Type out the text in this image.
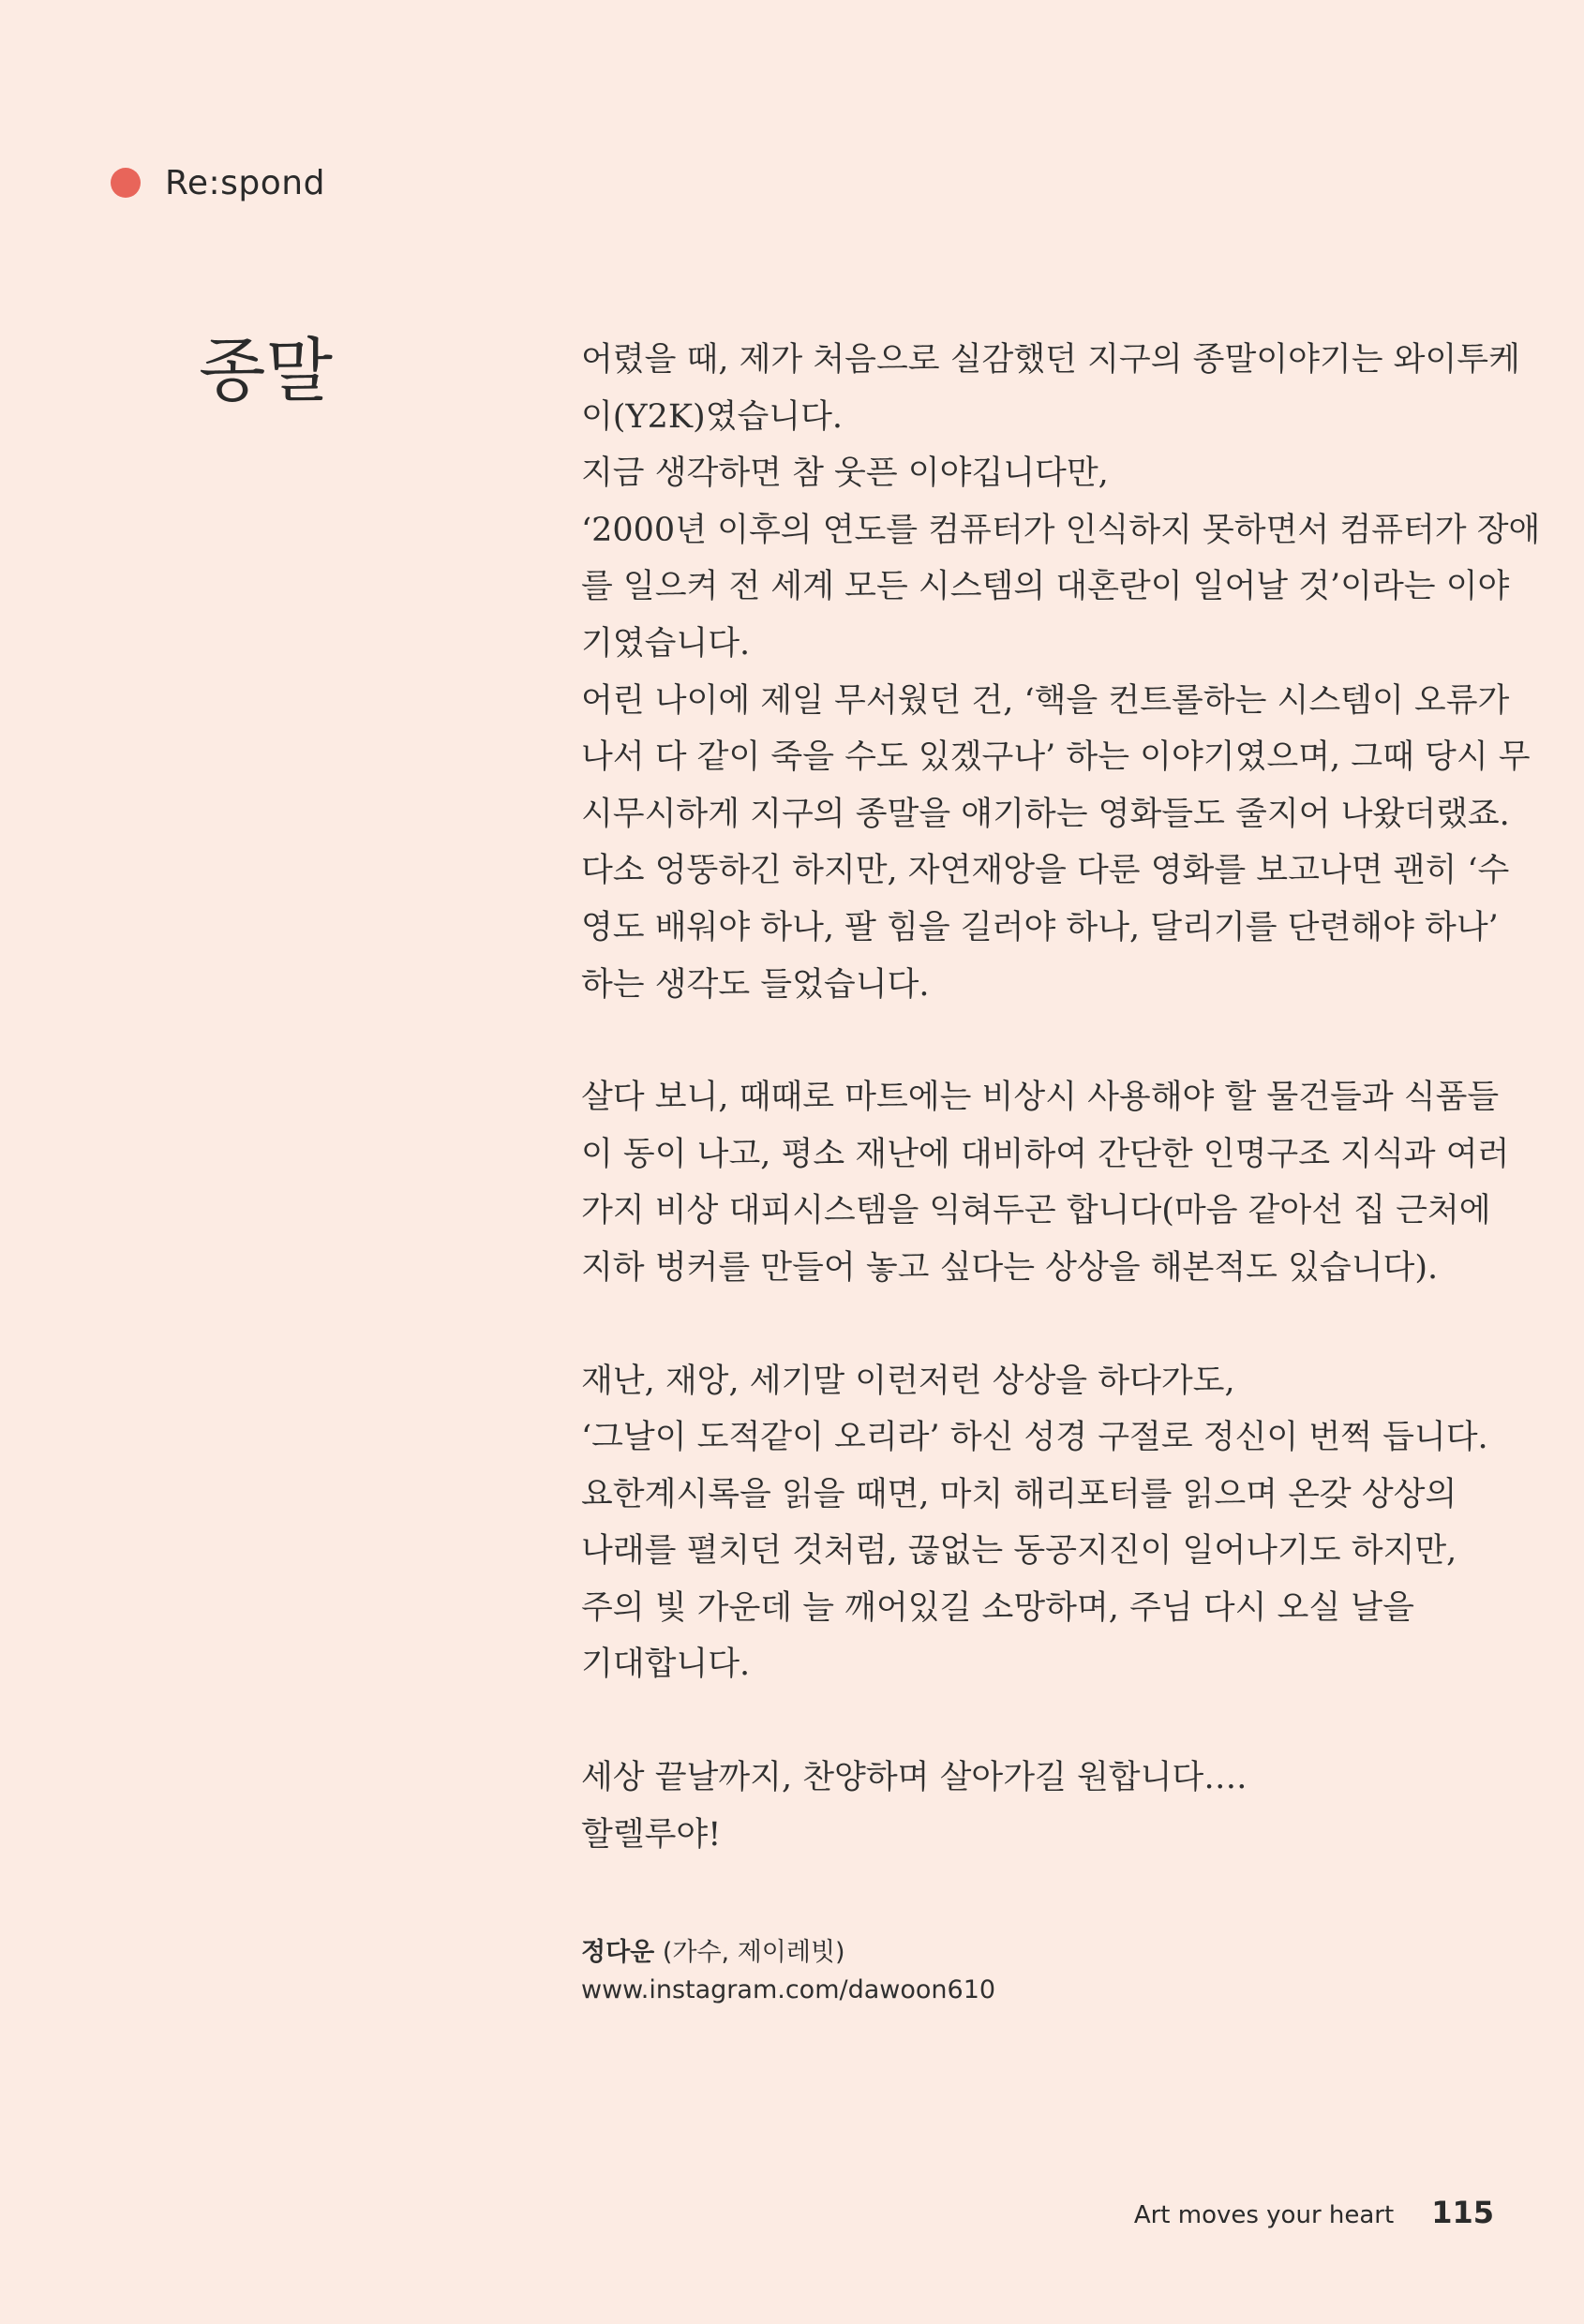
Re:spond
종말	어렸을 때, 제가 처음으로 실감했던 지구의 종말이야기는 와이투케
이(Y2K)였습니다.
지금 생각하면 참 웃픈 이야깁니다만,
‘2000년 이후의 연도를 컴퓨터가 인식하지 못하면서 컴퓨터가 장애
를 일으켜 전 세계 모든 시스템의 대혼란이 일어날 것’이라는 이야
기였습니다.
어린 나이에 제일 무서웠던 건, ‘핵을 컨트롤하는 시스템이 오류가
나서 다 같이 죽을 수도 있겠구나’ 하는 이야기였으며, 그때 당시 무
시무시하게 지구의 종말을 얘기하는 영화들도 줄지어 나왔더랬죠.
다소 엉뚱하긴 하지만, 자연재앙을 다룬 영화를 보고나면 괜히 ‘수
영도 배워야 하나, 팔 힘을 길러야 하나, 달리기를 단련해야 하나’
하는 생각도 들었습니다.

살다 보니, 때때로 마트에는 비상시 사용해야 할 물건들과 식품들
이 동이 나고, 평소 재난에 대비하여 간단한 인명구조 지식과 여러
가지 비상 대피시스템을 익혀두곤 합니다(마음 같아선 집 근처에
지하 벙커를 만들어 놓고 싶다는 상상을 해본적도 있습니다).

재난, 재앙, 세기말 이런저런 상상을 하다가도,
‘그날이 도적같이 오리라’ 하신 성경 구절로 정신이 번쩍 듭니다.
요한계시록을 읽을 때면, 마치 해리포터를 읽으며 온갖 상상의
나래를 펼치던 것처럼, 끊없는 동공지진이 일어나기도 하지만,
주의 빛 가운데 늘 깨어있길 소망하며, 주님 다시 오실 날을
기대합니다.

세상 끝날까지, 찬양하며 살아가길 원합니다….
할렐루야!

정다운 (가수, 제이레빗)
www.instagram.com/dawoon610
Art moves your heart 115
